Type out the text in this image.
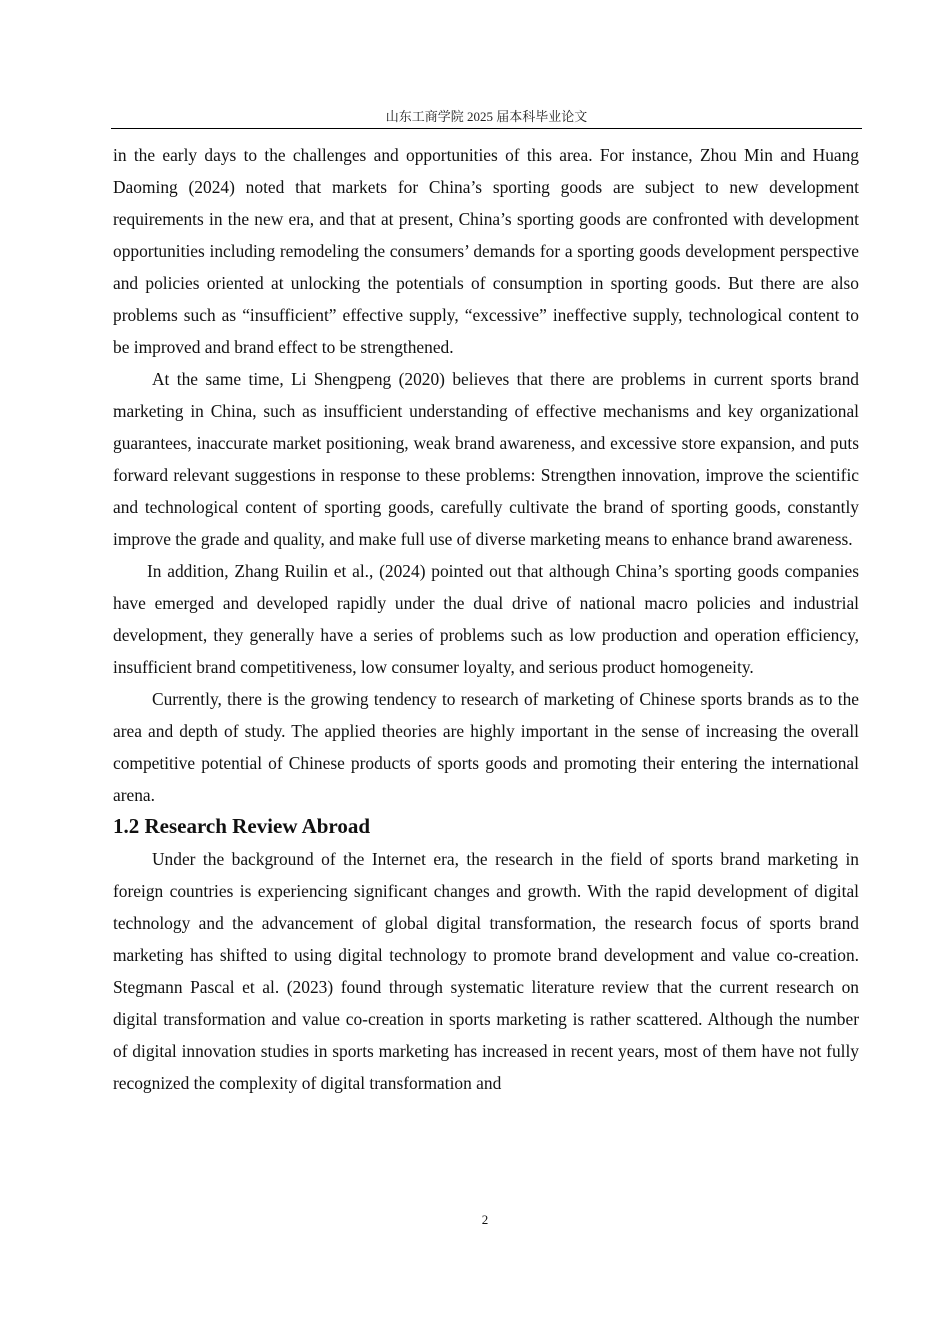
山东工商学院 2025 届本科毕业论文

in the early days to the challenges and opportunities of this area. For instance, Zhou Min and Huang Daoming (2024) noted that markets for China’s sporting goods are subject to new development requirements in the new era, and that at present, China’s sporting goods are confronted with development opportunities including remodeling the consumers’ demands for a sporting goods development perspective and policies oriented at unlocking the potentials of consumption in sporting goods. But there are also problems such as “insufficient” effective supply, “excessive” ineffective supply, technological content to be improved and brand effect to be strengthened.

At the same time, Li Shengpeng (2020) believes that there are problems in current sports brand marketing in China, such as insufficient understanding of effective mechanisms and key organizational guarantees, inaccurate market positioning, weak brand awareness, and excessive store expansion, and puts forward relevant suggestions in response to these problems: Strengthen innovation, improve the scientific and technological content of sporting goods, carefully cultivate the brand of sporting goods, constantly improve the grade and quality, and make full use of diverse marketing means to enhance brand awareness.

In addition, Zhang Ruilin et al., (2024) pointed out that although China’s sporting goods companies have emerged and developed rapidly under the dual drive of national macro policies and industrial development, they generally have a series of problems such as low production and operation efficiency, insufficient brand competitiveness, low consumer loyalty, and serious product homogeneity.

Currently, there is the growing tendency to research of marketing of Chinese sports brands as to the area and depth of study. The applied theories are highly important in the sense of increasing the overall competitive potential of Chinese products of sports goods and promoting their entering the international arena.

1.2 Research Review Abroad

Under the background of the Internet era, the research in the field of sports brand marketing in foreign countries is experiencing significant changes and growth. With the rapid development of digital technology and the advancement of global digital transformation, the research focus of sports brand marketing has shifted to using digital technology to promote brand development and value co-creation. Stegmann Pascal et al. (2023) found through systematic literature review that the current research on digital transformation and value co-creation in sports marketing is rather scattered. Although the number of digital innovation studies in sports marketing has increased in recent years, most of them have not fully recognized the complexity of digital transformation and

2
